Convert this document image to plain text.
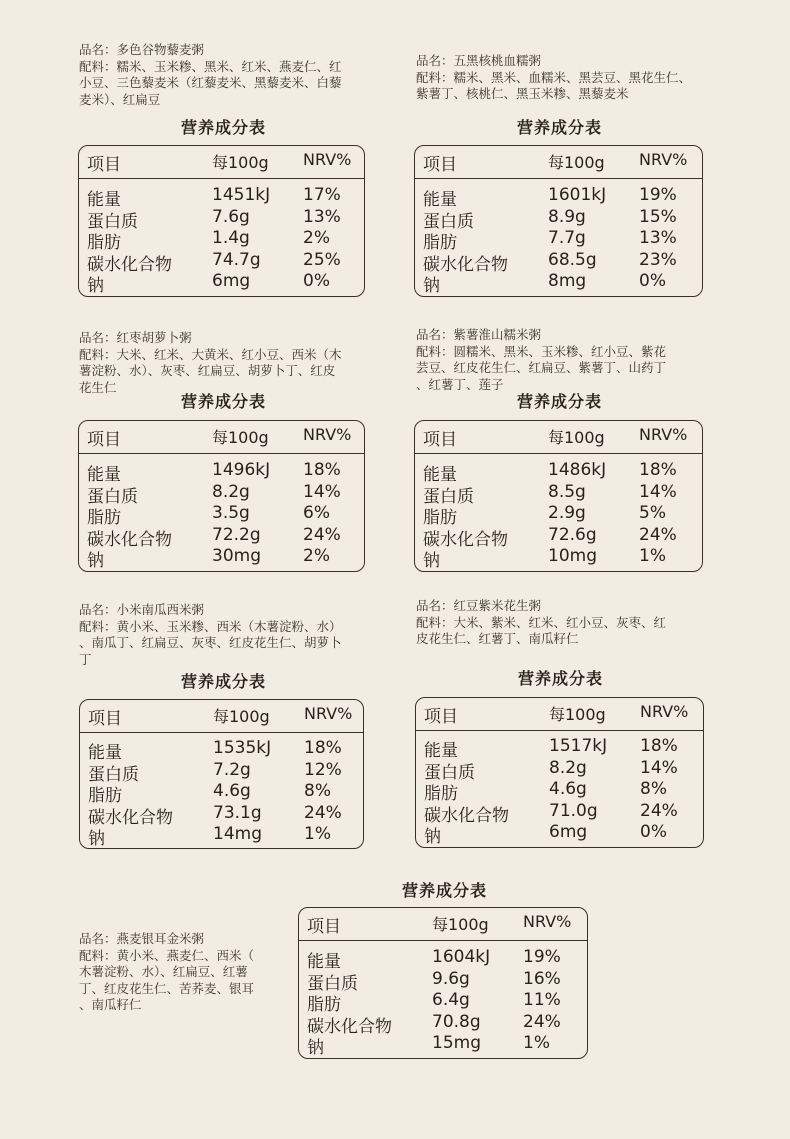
品名：多色谷物藜麦粥
配料：糯米、玉米糁、黑米、红米、燕麦仁、红
小豆、三色藜麦米（红藜麦米、黑藜麦米、白藜
麦米）、红扁豆
营养成分表
项目	每100g NRV%
能量	1451kJ 17%
蛋白质	7.6g	13%
脂肪	1.4g	2%
碳水化合物 74.7g 25%
钠	6mg	0%
品名：五黑核桃血糯粥
配料：糯米、黑米、血糯米、黑芸豆、黑花生仁、
紫薯丁、核桃仁、黑玉米糁、黑藜麦米
营养成分表
项目	每100g NRV%
能量	1601kJ 19%
蛋白质	8.9g	15%
脂肪	7.7g	13%
碳水化合物 68.5g 23%
钠	8mg	0%
品名：红枣胡萝卜粥
配料：大米、红米、大黄米、红小豆、西米（木
薯淀粉、水）、灰枣、红扁豆、胡萝卜丁、红皮
花生仁
营养成分表
项目	每100g NRV%
能量	1496kJ 18%
蛋白质	8.2g	14%
脂肪	3.5g	6%
碳水化合物 72.2g 24%
钠	30mg 2%
品名：紫薯淮山糯米粥
配料：圆糯米、黑米、玉米糁、红小豆、紫花
芸豆、红皮花生仁、红扁豆、紫薯丁、山药丁
、红薯丁、莲子
营养成分表
项目	每100g NRV%
能量	1486kJ 18%
蛋白质	8.5g	14%
脂肪	2.9g	5%
碳水化合物 72.6g 24%
钠	10mg 1%
品名：小米南瓜西米粥
配料：黄小米、玉米糁、西米（木薯淀粉、水）
、南瓜丁、红扁豆、灰枣、红皮花生仁、胡萝卜
丁
营养成分表
项目	每100g NRV%
能量	1535kJ 18%
蛋白质	7.2g	12%
脂肪	4.6g	8%
碳水化合物 73.1g 24%
钠	14mg 1%
品名：红豆紫米花生粥
配料：大米、紫米、红米、红小豆、灰枣、红
皮花生仁、红薯丁、南瓜籽仁
营养成分表
项目	每100g NRV%
能量	1517kJ 18%
蛋白质	8.2g	14%
脂肪	4.6g	8%
碳水化合物 71.0g 24%
钠	6mg	0%
营养成分表
品名：燕麦银耳金米粥
配料：黄小米、燕麦仁、西米（
木薯淀粉、水）、红扁豆、红薯
丁、红皮花生仁、苦荞麦、银耳
、南瓜籽仁
项目	每100g NRV%
能量	1604kJ 19%
蛋白质	9.6g	16%
脂肪	6.4g	11%
碳水化合物 70.8g 24%
钠	15mg 1%
